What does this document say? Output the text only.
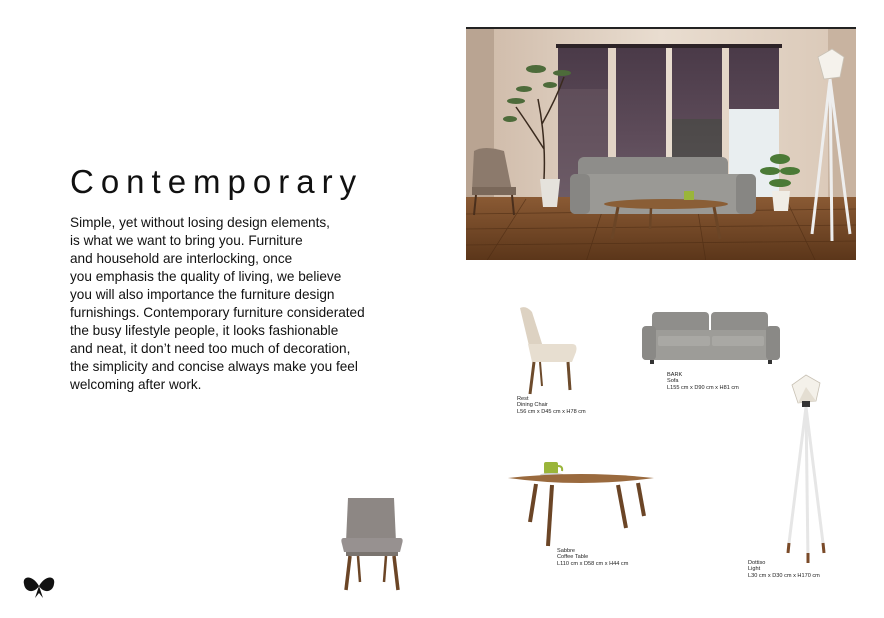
Contemporary
Simple, yet without losing design elements,
is what we want to bring you. Furniture
and household are interlocking, once
you emphasis the quality of living, we believe
you will also importance the furniture design
furnishings. Contemporary furniture considerated
the busy lifestyle people, it looks fashionable
and neat, it don’t need too much of decoration,
the simplicity and concise always make you feel
welcoming after work.
Rest
Dining Chair
L56 cm x D45 cm x H78 cm
BARK
Sofa
L155 cm x D90 cm x H81 cm
Dottiso
Light
L30 cm x D30 cm x H170 cm
Sabbre
Coffee Table
L110 cm x D58 cm x H44 cm
